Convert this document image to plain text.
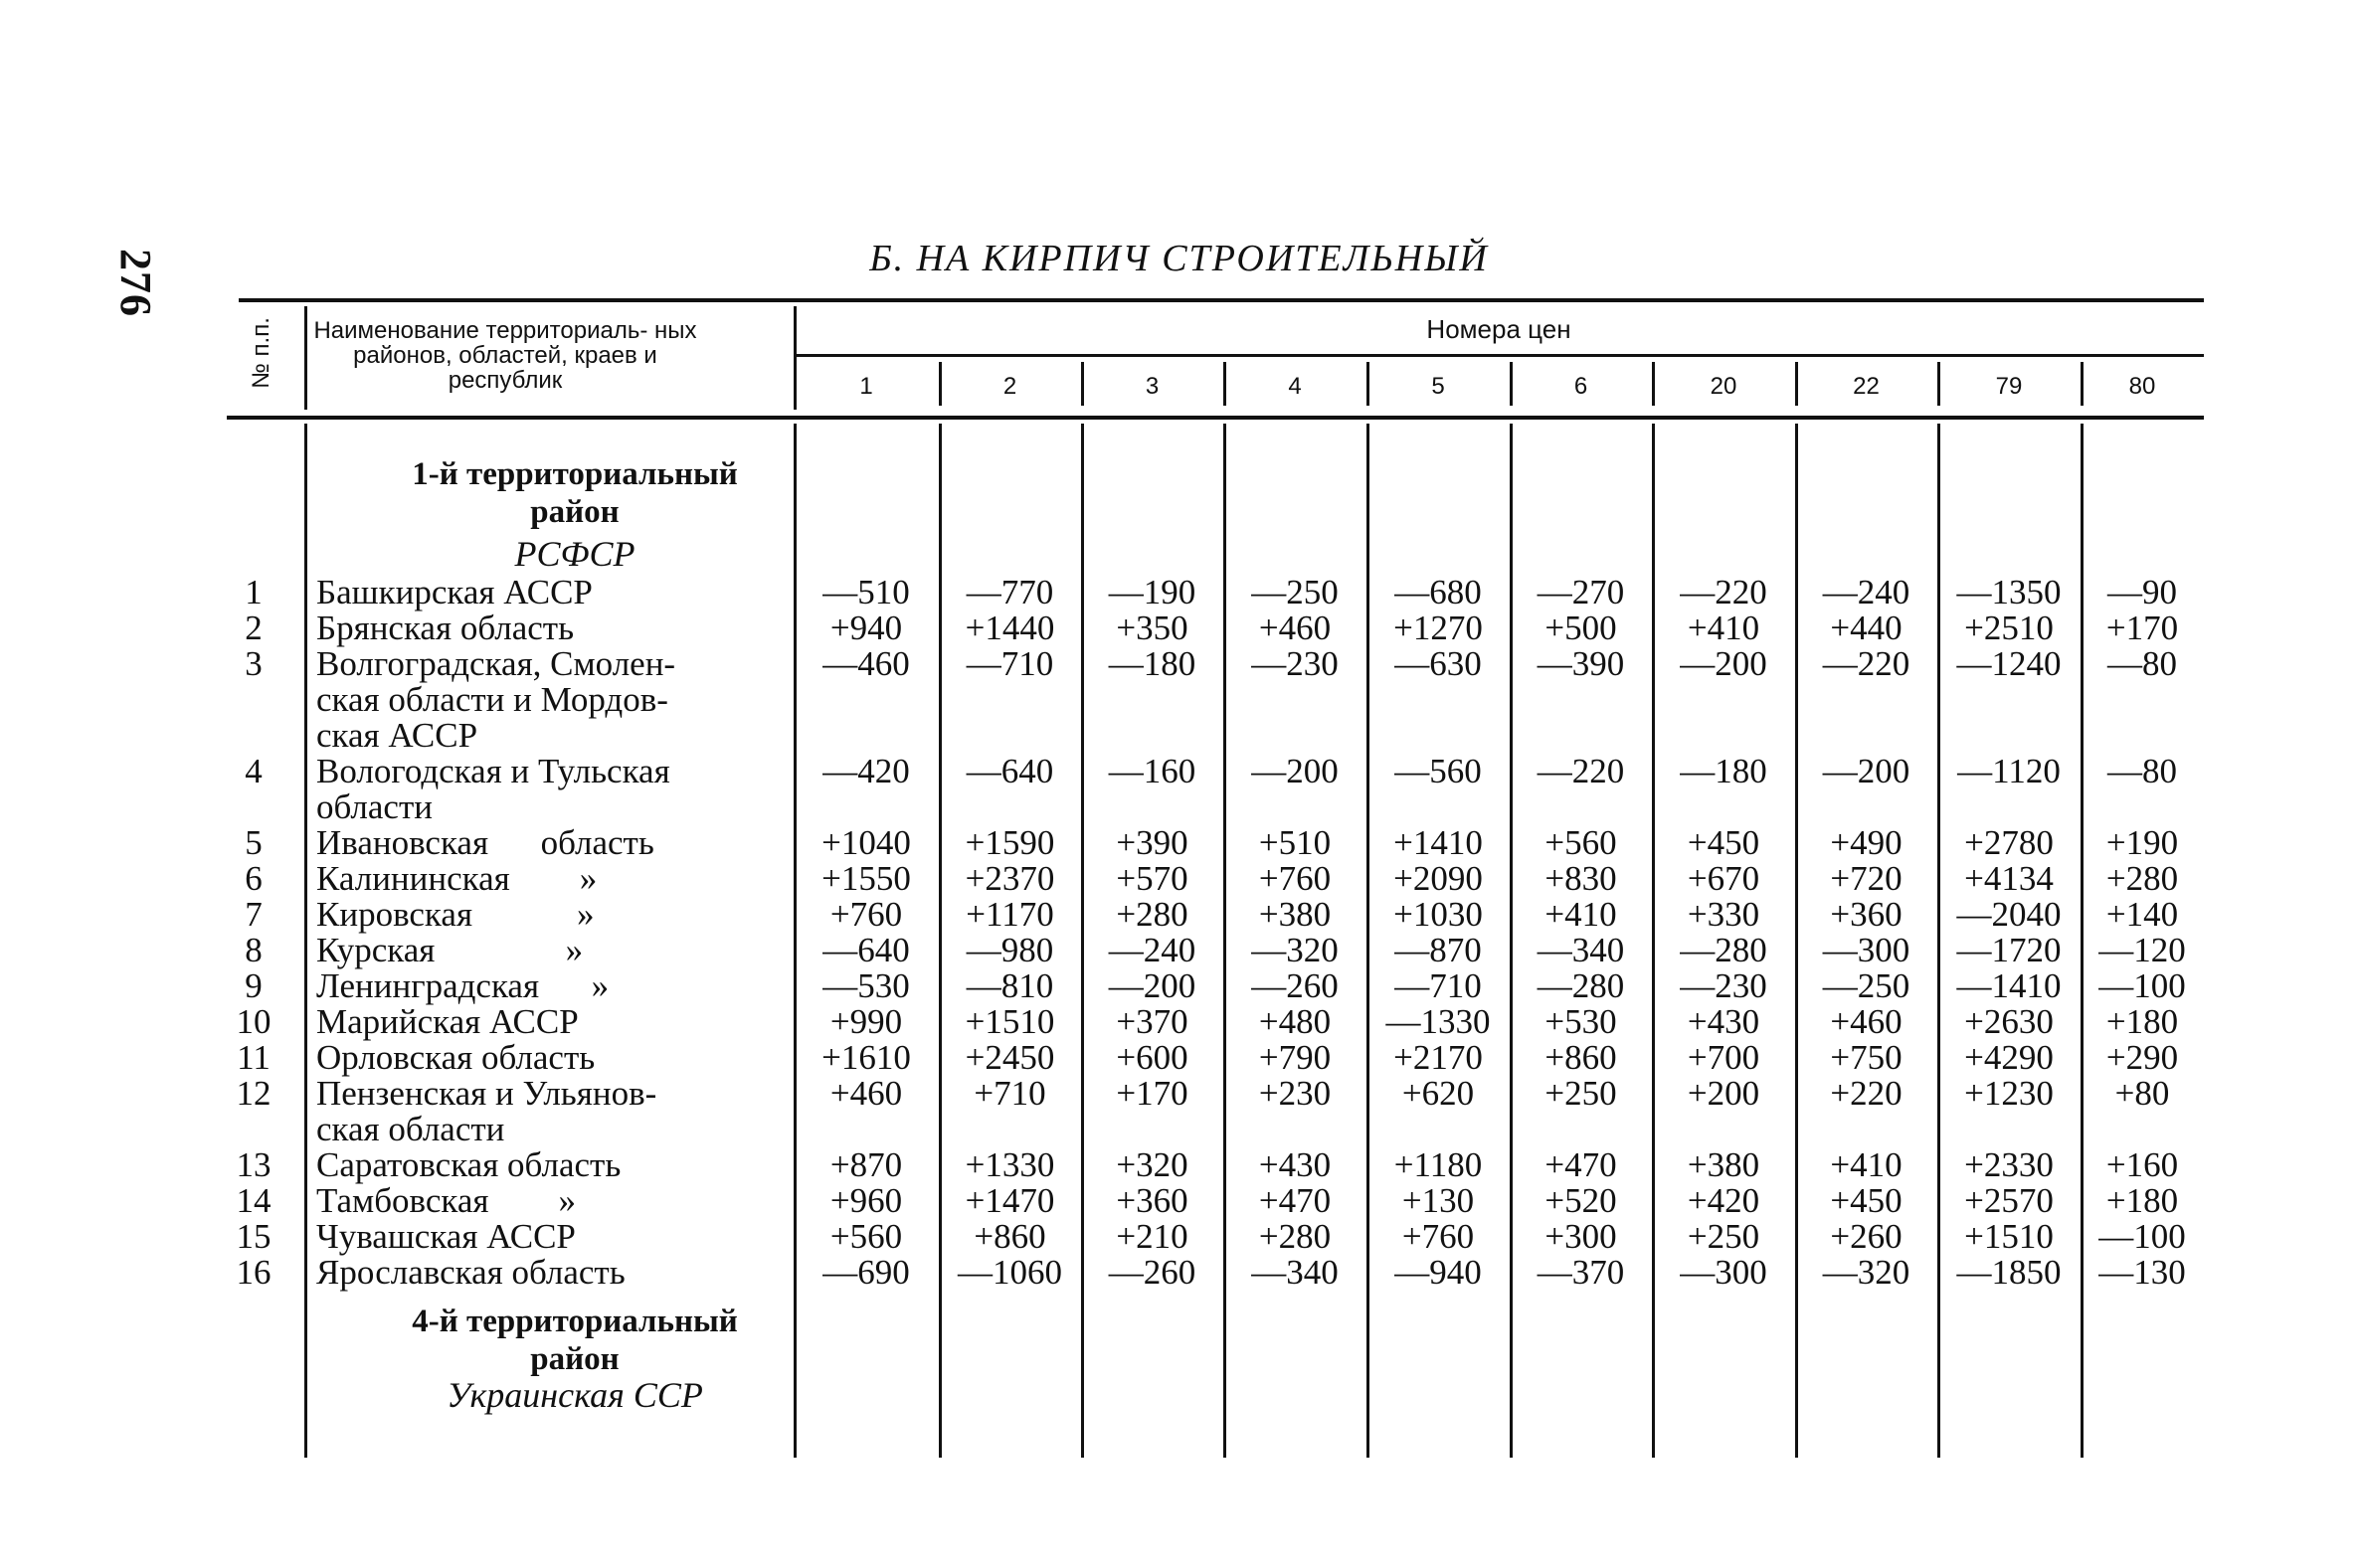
276	Б. НА КИРПИЧ СТРОИТЕЛЬНЫЙ
№ п.п.	Наименование территориаль- ных районов, областей, краев и республик
Номера цен
1-й территориальный
район
РСФСР
4-й территориальный
район
Украинская ССР
1	2	3	4	5	6	20	22	79	80
1	Башкирская АССР	—510	—770	—190	—250	—680	—270	—220	—240	—1350	—90
2	Брянская область	+940	+1440	+350	+460	+1270	+500	+410	+440	+2510	+170
3	Волгоградская, Смолен-
ская области и Мордов-
ская АССР
—460	—710	—180	—230	—630	—390	—200	—220	—1240	—80
4	Вологодская и Тульская
области
—420	—640	—160	—200	—560	—220	—180	—200	—1120	—80
5	Ивановская      область	+1040	+1590	+390	+510	+1410	+560	+450	+490	+2780	+190
6	Калининская        »	+1550	+2370	+570	+760	+2090	+830	+670	+720	+4134	+280
7	Кировская            »	+760	+1170	+280	+380	+1030	+410	+330	+360	—2040	+140
8	Курская               »	—640	—980	—240	—320	—870	—340	—280	—300	—1720	—120
9	Ленинградская      »	—530	—810	—200	—260	—710	—280	—230	—250	—1410	—100
10 Марийская АССР	+990	+1510	+370	+480	—1330	+530	+430	+460	+2630	+180
11 Орловская область	+1610	+2450	+600	+790	+2170	+860	+700	+750	+4290	+290
12 Пензенская и Ульянов-
ская области
+460	+710	+170	+230	+620	+250	+200	+220	+1230	+80
13 Саратовская область	+870	+1330	+320	+430	+1180	+470	+380	+410	+2330	+160
14 Тамбовская        »	+960	+1470	+360	+470	+130	+520	+420	+450	+2570	+180
15 Чувашская АССР	+560	+860	+210	+280	+760	+300	+250	+260	+1510	—100
16 Ярославская область	—690	—1060	—260	—340	—940	—370	—300	—320	—1850	—130
